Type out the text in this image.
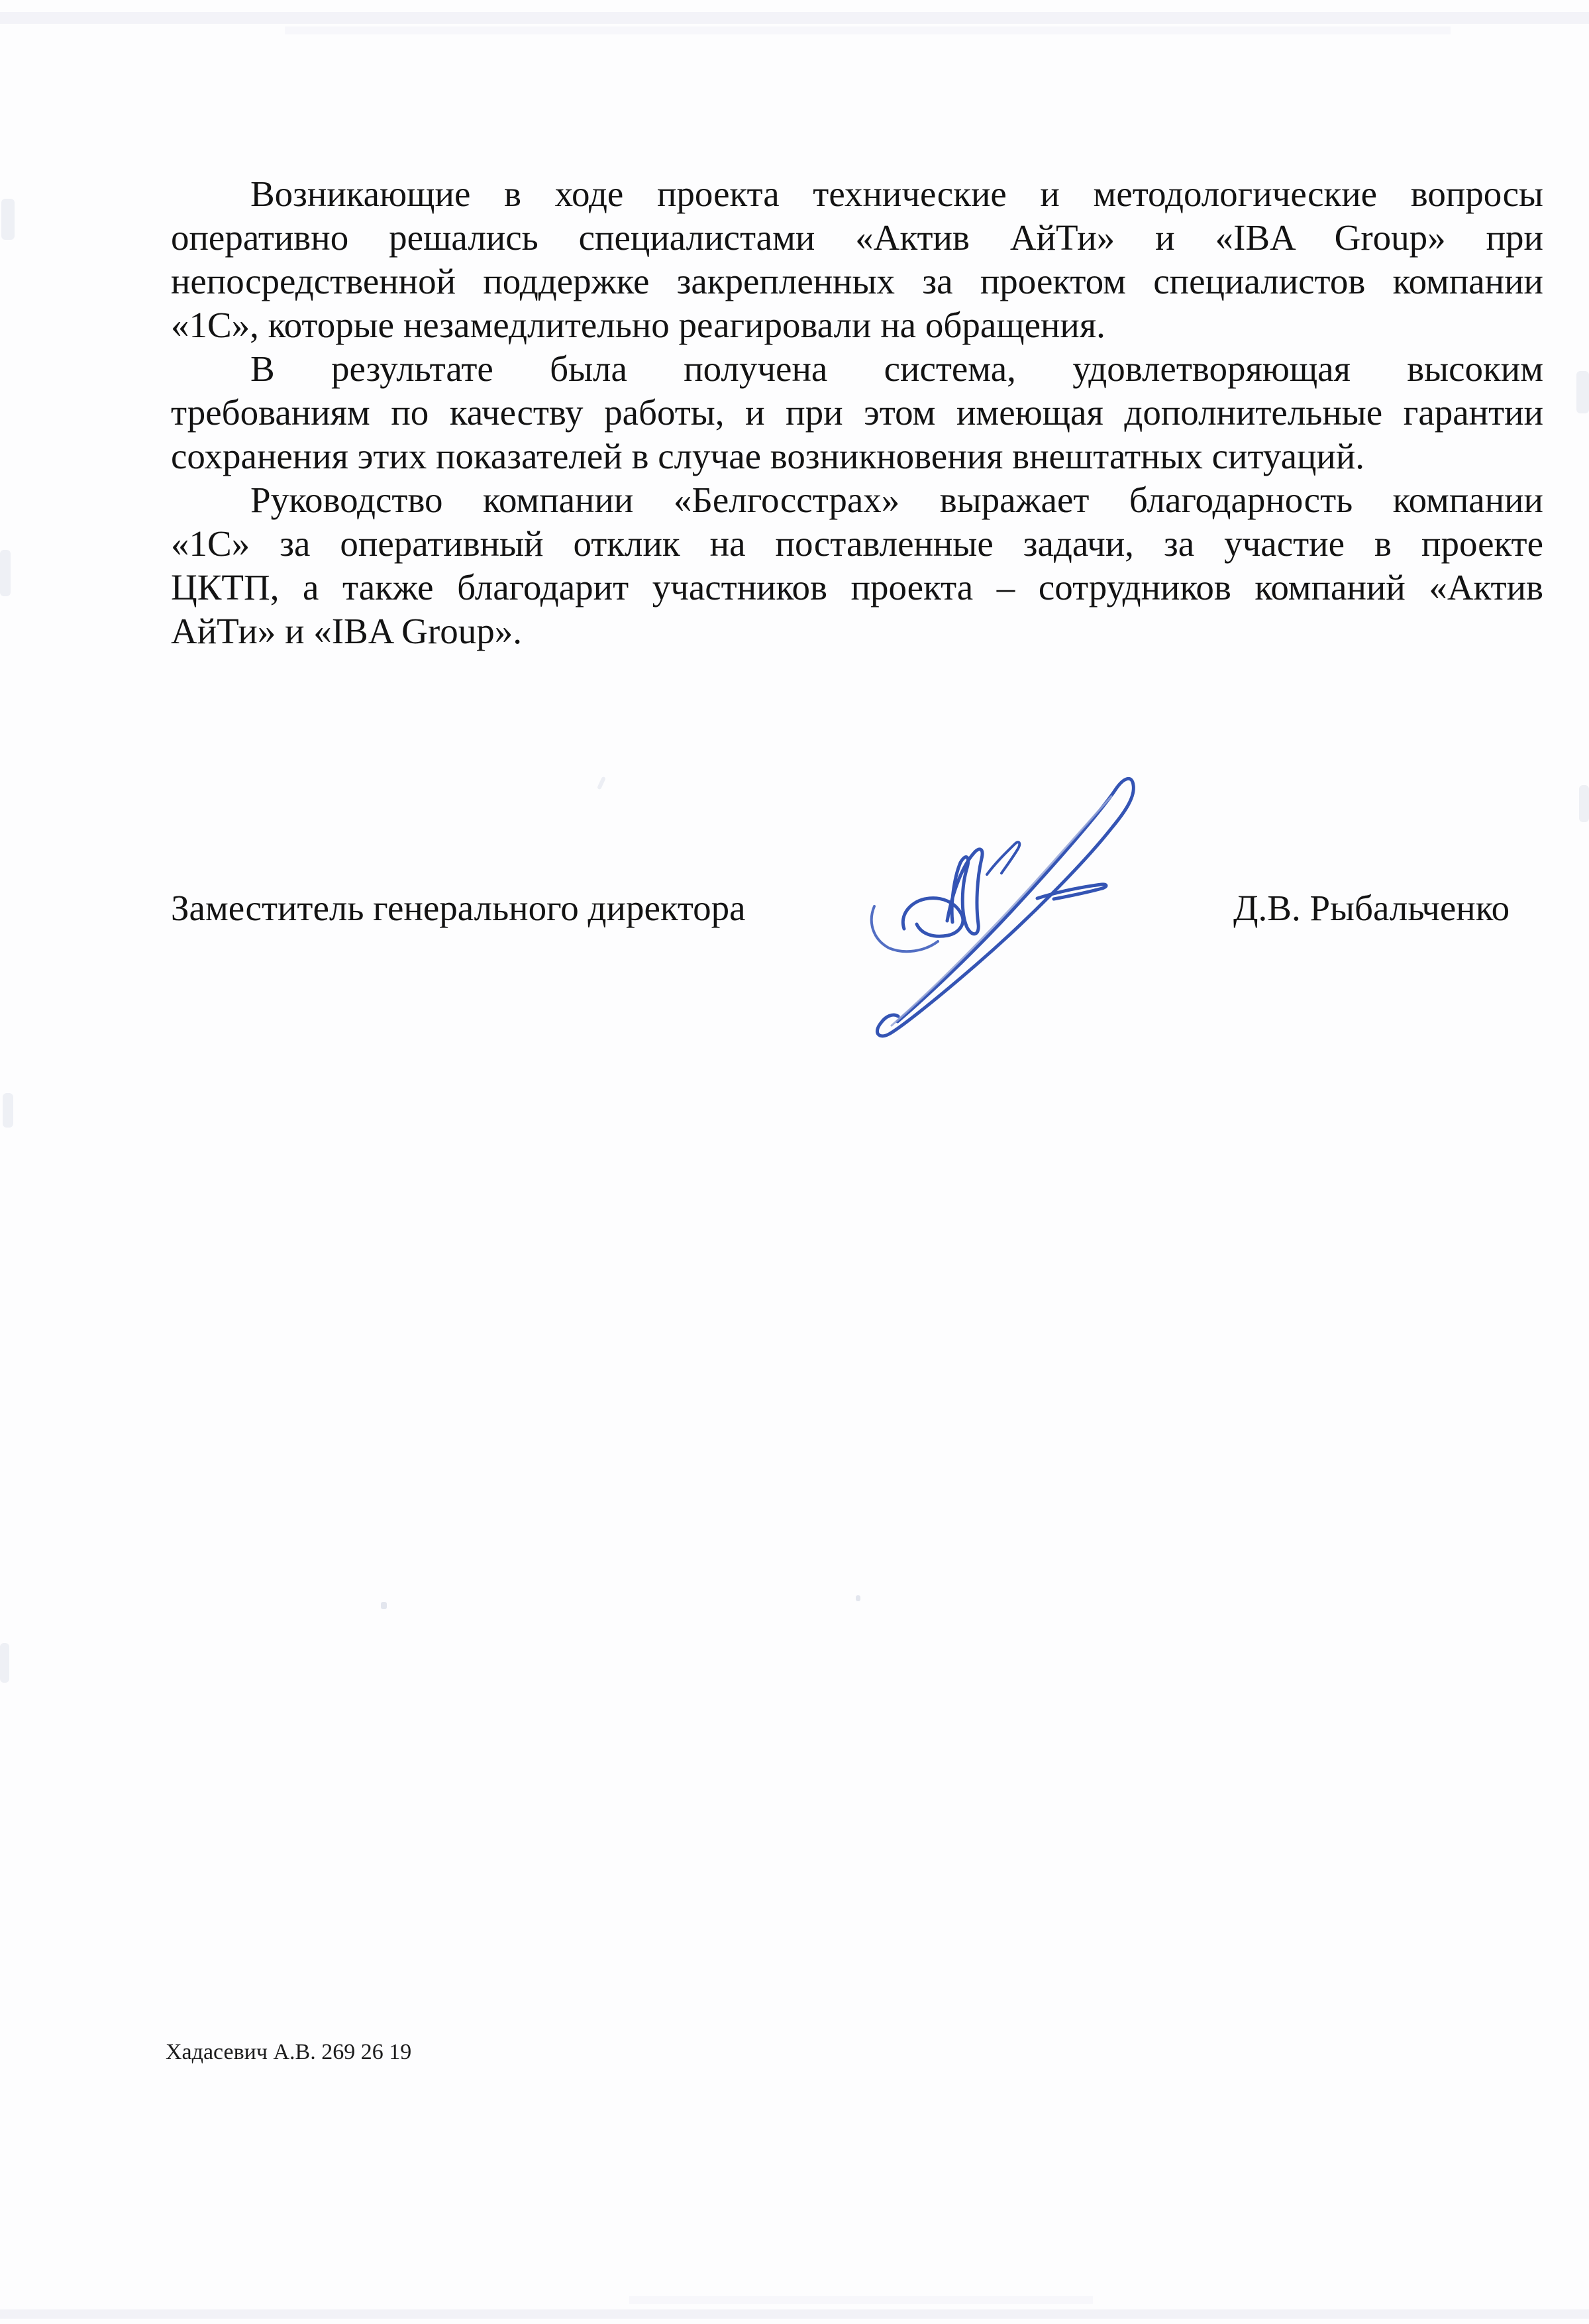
Возникающие в ходе проекта технические и методологические вопросы
оперативно решались специалистами «Актив АйТи» и «IBA Group» при
непосредственной поддержке закрепленных за проектом специалистов компании
«1С», которые незамедлительно реагировали на обращения.
В результате была получена система, удовлетворяющая высоким
требованиям по качеству работы, и при этом имеющая дополнительные гарантии
сохранения этих показателей в случае возникновения внештатных ситуаций.
Руководство компании «Белгосстрах» выражает благодарность компании
«1С» за оперативный отклик на поставленные задачи, за участие в проекте
ЦКТП, а также благодарит участников проекта – сотрудников компаний «Актив
АйТи» и «IBA Group».
Заместитель генерального директора	Д.В. Рыбальченко
Хадасевич А.В. 269 26 19
